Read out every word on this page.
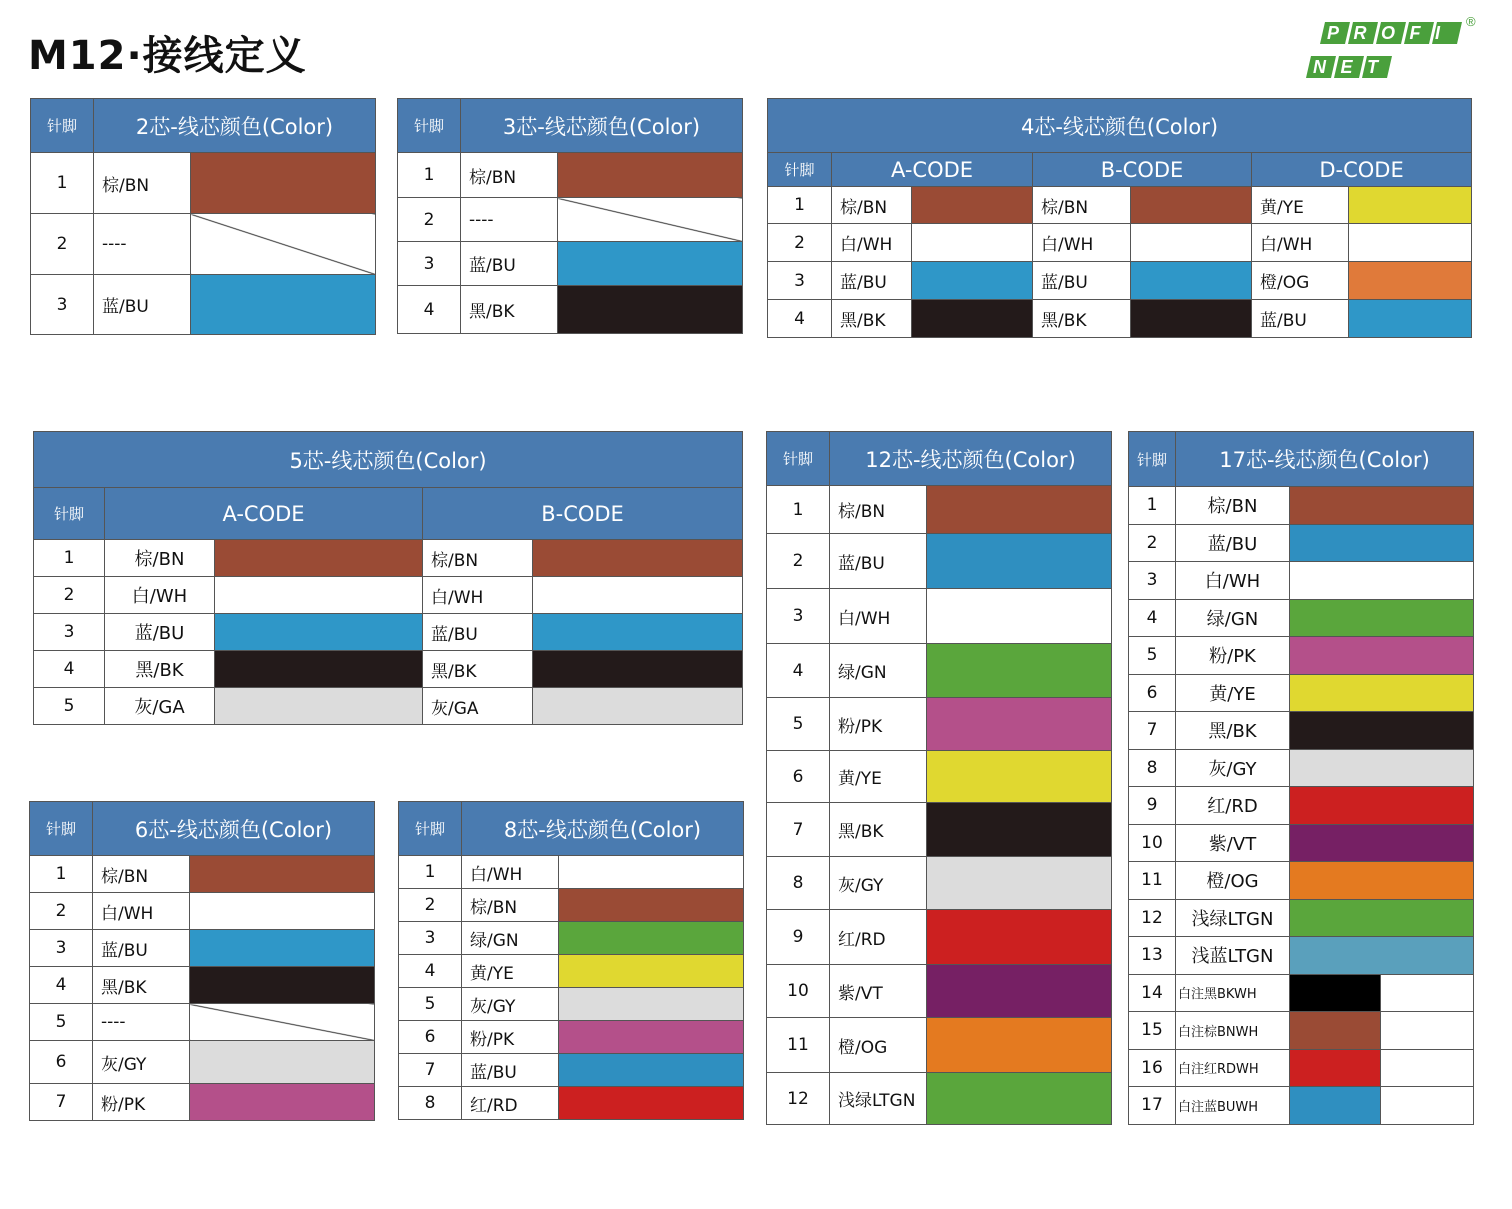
M12·接线定义	PROFI
NET
®
针脚	2芯-线芯颜色(Color)	
1	棕/BN	
2	----	
3	蓝/BU	
针脚	3芯-线芯颜色(Color)	
1	棕/BN	
2	----	
3	蓝/BU	
4	黑/BK	
4芯-线芯颜色(Color)						
针脚	A-CODE		B-CODE		D-CODE	
1	棕/BN		棕/BN		黄/YE	
2	白/WH		白/WH		白/WH	
3	蓝/BU		蓝/BU		橙/OG	
4	黑/BK		黑/BK		蓝/BU	
5芯-线芯颜色(Color)				
针脚	A-CODE		B-CODE	
1	棕/BN		棕/BN	
2	白/WH		白/WH	
3	蓝/BU		蓝/BU	
4	黑/BK		黑/BK	
5	灰/GA		灰/GA	
针脚	6芯-线芯颜色(Color)	
1	棕/BN	
2	白/WH	
3	蓝/BU	
4	黑/BK	
5	----	
6	灰/GY	
7	粉/PK	
针脚	8芯-线芯颜色(Color)	
1	白/WH	
2	棕/BN	
3	绿/GN	
4	黄/YE	
5	灰/GY	
6	粉/PK	
7	蓝/BU	
8	红/RD	
针脚	12芯-线芯颜色(Color)	
1	棕/BN	
2	蓝/BU	
3	白/WH	
4	绿/GN	
5	粉/PK	
6	黄/YE	
7	黑/BK	
8	灰/GY	
9	红/RD	
10	紫/VT	
11	橙/OG	
12	浅绿LTGN	
针脚	17芯-线芯颜色(Color)		
1	棕/BN		
2	蓝/BU		
3	白/WH		
4	绿/GN		
5	粉/PK		
6	黄/YE		
7	黑/BK		
8	灰/GY		
9	红/RD		
10	紫/VT		
11	橙/OG		
12	浅绿LTGN		
13	浅蓝LTGN		
14	白注黑BKWH		
15	白注棕BNWH		
16	白注红RDWH		
17	白注蓝BUWH		
